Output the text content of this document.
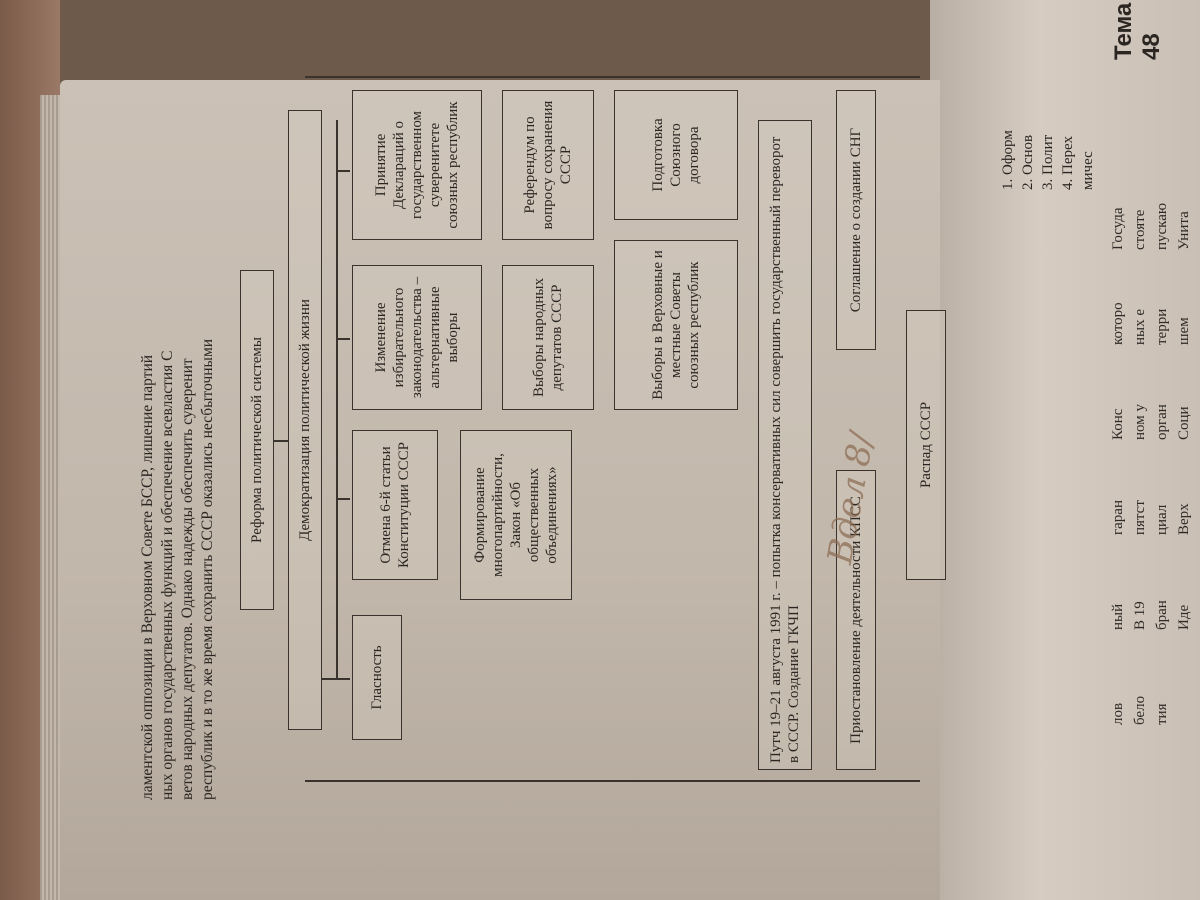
Тема 48
1. Оформ 2. Основ 3. Полит 4. Перех мичес
ламентской оппозиции в Верховном Совете БССР, лишение партий ных органов государственных функций и обеспечение всевластия С ветов народных депутатов. Однако надежды обеспечить суверенит республик и в то же время сохранить СССР оказались несбыточными Реформа политической системы Демократизация политической жизни
Гласность
Отмена 6-й статьи Конституции СССР
Изменение избирательного законодательства – альтернативные выборы
Принятие Деклараций о государственном суверенитете союзных республик
Формирование многопартийности, Закон «Об общественных объединениях»
Выборы народных депутатов СССР
Референдум по вопросу сохранения СССР
Выборы в Верховные и местные Советы союзных республик
Подготовка Союзного договора	Путч 19–21 августа 1991 г. – попытка консервативных сил совершить государственный переворот в СССР. Создание ГКЧП	Приостановление деятельности КПСС
Соглашение о создании СНГ
Распад СССР
Вдел 8/
Госуда стояте пускаю Унита
которо ных е терри шем
Конс ном у орган Соци
гаран пятст циал Верх
ный В 19 бран Иде
лов бело тия
